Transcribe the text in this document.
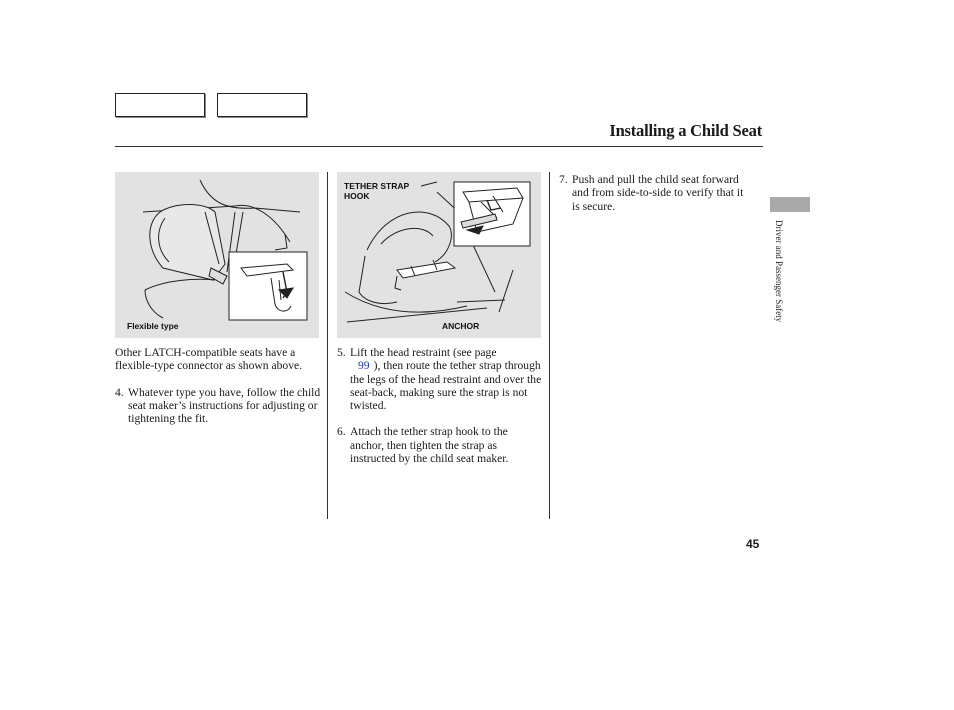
Installing a Child Seat
Flexible type
TETHER STRAP
HOOK
ANCHOR
Other LATCH-compatible seats have a flexible-type connector as shown above.
4. Whatever type you have, follow the child seat maker’s instructions for adjusting or tightening the fit.
5. Lift the head restraint (see page
99 ), then route the tether strap through the legs of the head restraint and over the seat-back, making sure the strap is not twisted.
6. Attach the tether strap hook to the anchor, then tighten the strap as instructed by the child seat maker.
7. Push and pull the child seat forward and from side-to-side to verify that it is secure.
Driver and Passenger Safety
45
